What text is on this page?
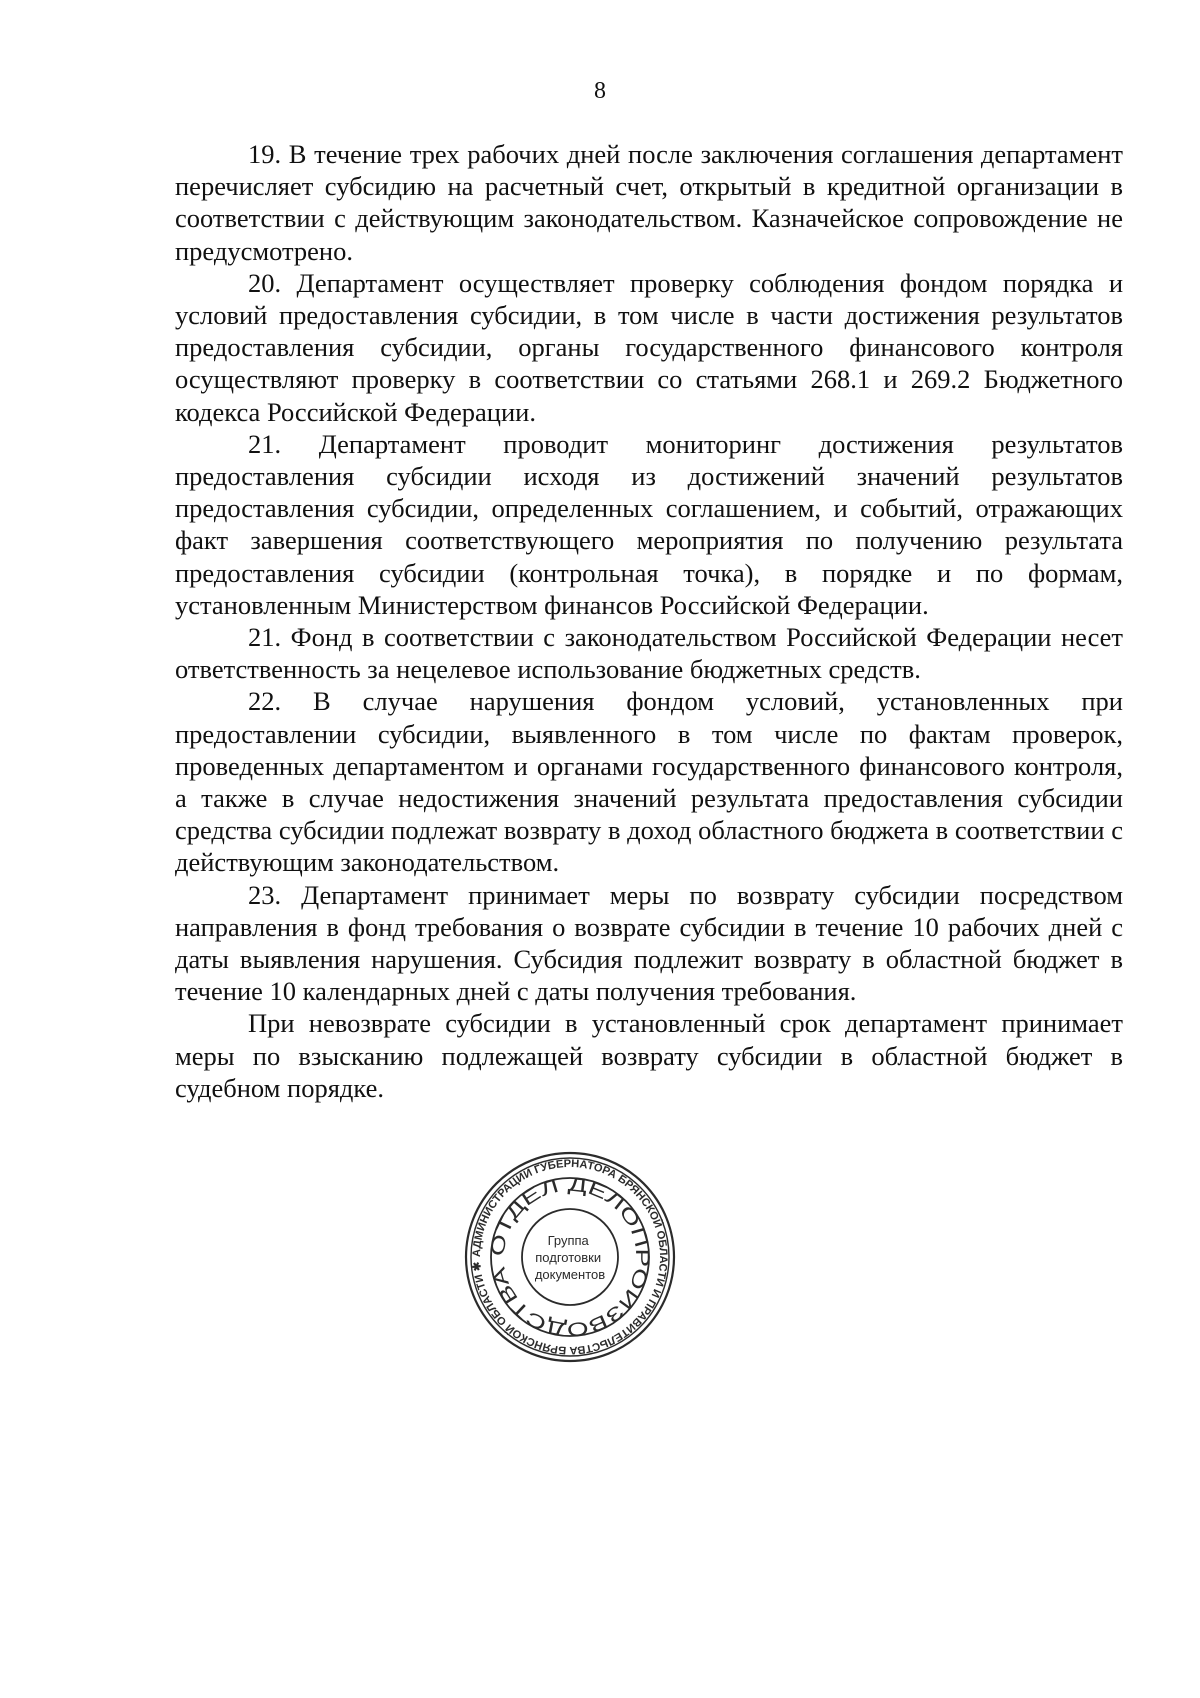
8

19. В течение трех рабочих дней после заключения соглашения департамент перечисляет субсидию на расчетный счет, открытый в кредитной организации в соответствии с действующим законодательством. Казначейское сопровождение не предусмотрено.

20. Департамент осуществляет проверку соблюдения фондом порядка и условий предоставления субсидии, в том числе в части достижения результатов предоставления субсидии, органы государственного финансового контроля осуществляют проверку в соответствии со статьями 268.1 и 269.2 Бюджетного кодекса Российской Федерации.

21. Департамент проводит мониторинг достижения результатов предоставления субсидии исходя из достижений значений результатов предоставления субсидии, определенных соглашением, и событий, отражающих факт завершения соответствующего мероприятия по получению результата предоставления субсидии (контрольная точка), в порядке и по формам, установленным Министерством финансов Российской Федерации.

21. Фонд в соответствии с законодательством Российской Федерации несет ответственность за нецелевое использование бюджетных средств.

22. В случае нарушения фондом условий, установленных при предоставлении субсидии, выявленного в том числе по фактам проверок, проведенных департаментом и органами государственного финансового контроля, а также в случае недостижения значений результата предоставления субсидии средства субсидии подлежат возврату в доход областного бюджета в соответствии с действующим законодательством.

23. Департамент принимает меры по возврату субсидии посредством направления в фонд требования о возврате субсидии в течение 10 рабочих дней с даты выявления нарушения. Субсидия подлежит возврату в областной бюджет в течение 10 календарных дней с даты получения требования.

При невозврате субсидии в установленный срок департамент принимает меры по взысканию подлежащей возврату субсидии в областной бюджет в судебном порядке.

АДМИНИСТРАЦИИ ГУБЕРНАТОРА БРЯНСКОЙ ОБЛАСТИ И ПРАВИТЕЛЬСТВА БРЯНСКОЙ ОБЛАСТИ ✱
ОТДЕЛ ДЕЛОПРОИЗВОДСТВА
Группа подготовки документов
